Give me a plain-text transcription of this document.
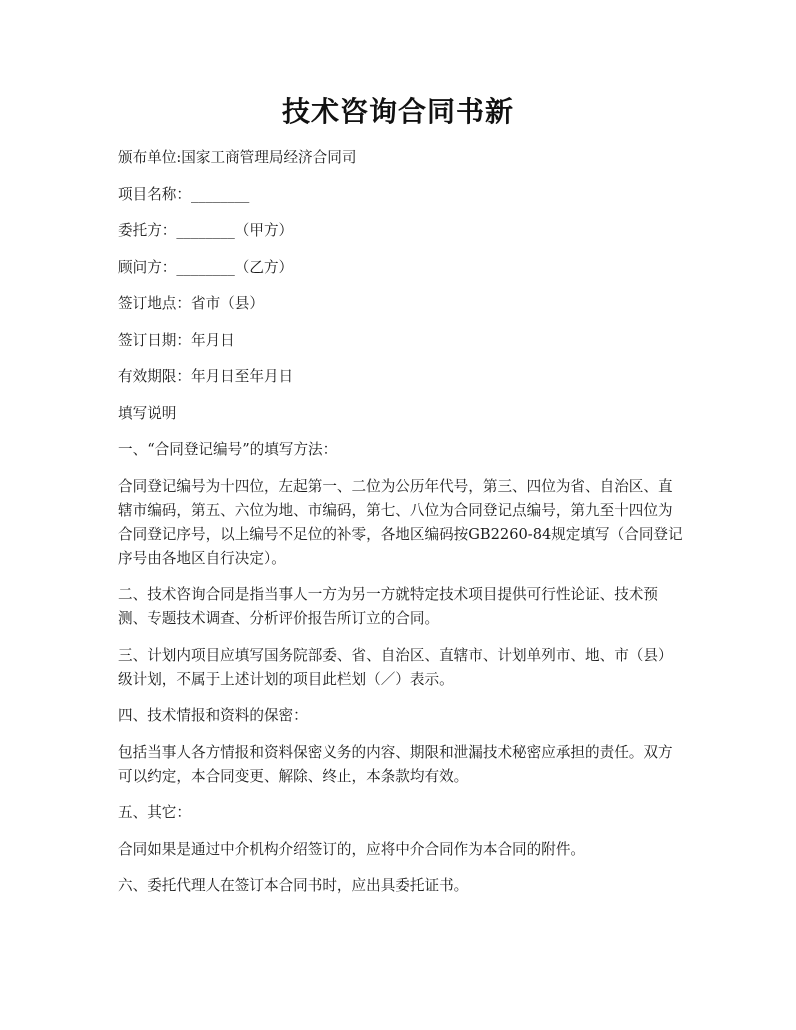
技术咨询合同书新

颁布单位:国家工商管理局经济合同司

项目名称：________

委托方：________（甲方）

顾问方：________（乙方）

签订地点：省市（县）

签订日期：年月日

有效期限：年月日至年月日

填写说明

一、“合同登记编号”的填写方法：

合同登记编号为十四位，左起第一、二位为公历年代号，第三、四位为省、自治区、直辖市编码，第五、六位为地、市编码，第七、八位为合同登记点编号，第九至十四位为合同登记序号，以上编号不足位的补零，各地区编码按GB2260-84规定填写（合同登记序号由各地区自行决定）。

二、技术咨询合同是指当事人一方为另一方就特定技术项目提供可行性论证、技术预测、专题技术调查、分析评价报告所订立的合同。

三、计划内项目应填写国务院部委、省、自治区、直辖市、计划单列市、地、市（县）级计划，不属于上述计划的项目此栏划（／）表示。

四、技术情报和资料的保密：

包括当事人各方情报和资料保密义务的内容、期限和泄漏技术秘密应承担的责任。双方可以约定，本合同变更、解除、终止，本条款均有效。

五、其它：

合同如果是通过中介机构介绍签订的，应将中介合同作为本合同的附件。

六、委托代理人在签订本合同书时，应出具委托证书。
